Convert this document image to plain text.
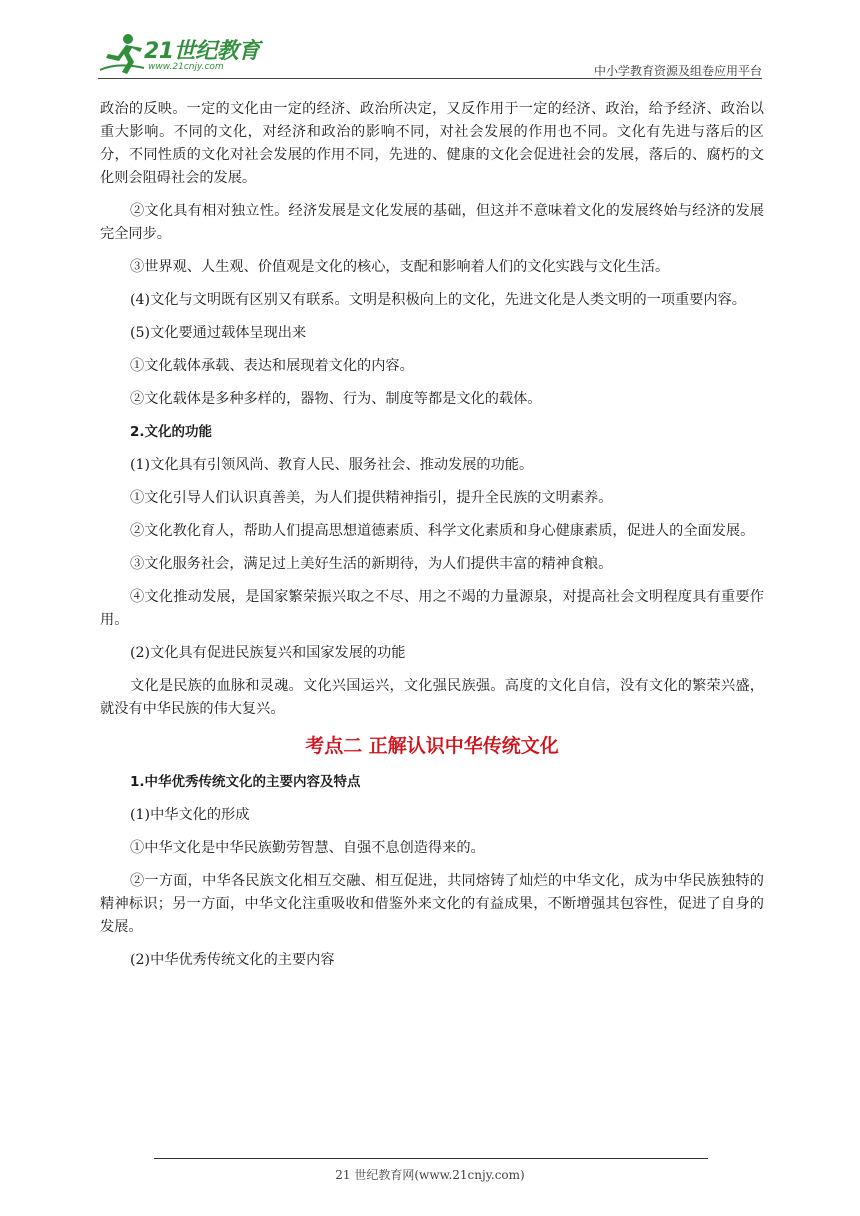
21世纪教育
www.21cnjy.com	中小学教育资源及组卷应用平台

政治的反映。一定的文化由一定的经济、政治所决定，又反作用于一定的经济、政治，给予经济、政治以重大影响。不同的文化，对经济和政治的影响不同，对社会发展的作用也不同。文化有先进与落后的区分，不同性质的文化对社会发展的作用不同，先进的、健康的文化会促进社会的发展，落后的、腐朽的文化则会阻碍社会的发展。

②文化具有相对独立性。经济发展是文化发展的基础，但这并不意味着文化的发展终始与经济的发展完全同步。

③世界观、人生观、价值观是文化的核心，支配和影响着人们的文化实践与文化生活。

(4)文化与文明既有区别又有联系。文明是积极向上的文化，先进文化是人类文明的一项重要内容。

(5)文化要通过载体呈现出来

①文化载体承载、表达和展现着文化的内容。

②文化载体是多种多样的，器物、行为、制度等都是文化的载体。

2.文化的功能

(1)文化具有引领风尚、教育人民、服务社会、推动发展的功能。

①文化引导人们认识真善美，为人们提供精神指引，提升全民族的文明素养。

②文化教化育人，帮助人们提高思想道德素质、科学文化素质和身心健康素质，促进人的全面发展。

③文化服务社会，满足过上美好生活的新期待，为人们提供丰富的精神食粮。

④文化推动发展，是国家繁荣振兴取之不尽、用之不竭的力量源泉，对提高社会文明程度具有重要作用。

(2)文化具有促进民族复兴和国家发展的功能

文化是民族的血脉和灵魂。文化兴国运兴，文化强民族强。高度的文化自信，没有文化的繁荣兴盛，就没有中华民族的伟大复兴。

考点二 正解认识中华传统文化

1.中华优秀传统文化的主要内容及特点

(1)中华文化的形成

①中华文化是中华民族勤劳智慧、自强不息创造得来的。

②一方面，中华各民族文化相互交融、相互促进，共同熔铸了灿烂的中华文化，成为中华民族独特的精神标识；另一方面，中华文化注重吸收和借鉴外来文化的有益成果，不断增强其包容性，促进了自身的发展。

(2)中华优秀传统文化的主要内容

21 世纪教育网(www.21cnjy.com)
